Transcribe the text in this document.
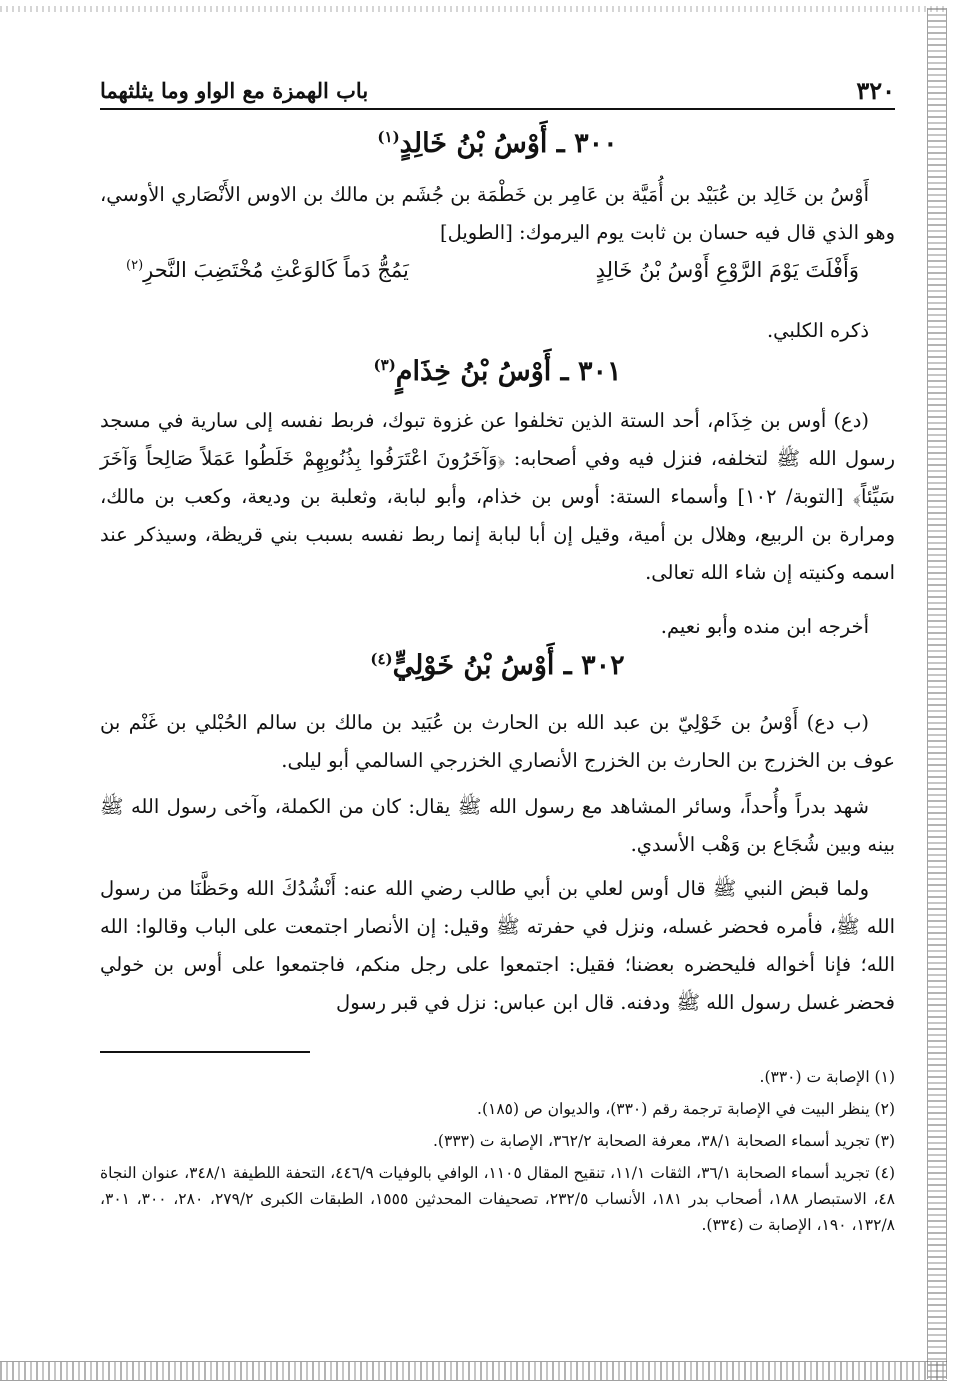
٣٢٠
باب الهمزة مع الواو وما يثلثهما
٣٠٠ ـ أَوْسُ بْنُ خَالِدٍ$^{(١)}$

أَوْسُ بن خَالِد بن عُبَيْد بن أُمَيَّة بن عَامِر بن خَطْمَة بن جُشَم بن مالك بن الاوس الأَنْصَاري الأوسي، وهو الذي قال فيه حسان بن ثابت يوم اليرموك: [الطويل]

وَأَفْلَتَ يَوْمَ الرَّوْعِ أَوْسُ بْنُ خَالِدٍ
يَمُجُّ دَماً كَالوَعْثِ مُخْتَضِبَ النَّحرِ$^{(٢)}$

ذكره الكلبي.

٣٠١ ـ أَوْسُ بْنُ خِذَامٍ$^{(٣)}$

(دع) أوس بن خِذَام، أحد الستة الذين تخلفوا عن غزوة تبوك، فربط نفسه إلى سارية في مسجد رسول الله ﷺ لتخلفه، فنزل فيه وفي أصحابه: ﴿وَآخَرُونَ اعْتَرَفُوا بِذُنُوبِهِمْ خَلَطُوا عَمَلاً صَالِحاً وَآخَرَ سَيِّئاً﴾ [التوبة/ ١٠٢] وأسماء الستة: أوس بن خذام، وأبو لبابة، وثعلبة بن وديعة، وكعب بن مالك، ومرارة بن الربيع، وهلال بن أمية، وقيل إن أبا لبابة إنما ربط نفسه بسبب بني قريظة، وسيذكر عند اسمه وكنيته إن شاء الله تعالى.

أخرجه ابن منده وأبو نعيم.

٣٠٢ ـ أَوْسُ بْنُ خَوْلِيٍّ$^{(٤)}$

(ب دع) أَوْسُ بن خَوْلِيّ بن عبد الله بن الحارث بن عُبَيد بن مالك بن سالم الحُبْلي بن غَنْم بن عوف بن الخزرج بن الحارث بن الخزرج الأنصاري الخزرجي السالمي أبو ليلى.

شهد بدراً وأُحداً، وسائر المشاهد مع رسول الله ﷺ يقال: كان من الكملة، وآخى رسول الله ﷺ بينه وبين شُجَاع بن وَهْب الأسدي.

ولما قبض النبي ﷺ قال أوس لعلي بن أبي طالب رضي الله عنه: أَنْشُدُكَ الله وحَظَّنَا من رسول الله ﷺ، فأمره فحضر غسله، ونزل في حفرته ﷺ وقيل: إن الأنصار اجتمعت على الباب وقالوا: الله الله؛ فإنا أخواله فليحضره بعضنا؛ فقيل: اجتمعوا على رجل منكم، فاجتمعوا على أوس بن خولي فحضر غسل رسول الله ﷺ ودفنه. قال ابن عباس: نزل في قبر رسول

(١) الإصابة ت (٣٣٠).

(٢) ينظر البيت في الإصابة ترجمة رقم (٣٣٠)، والديوان ص (١٨٥).

(٣) تجريد أسماء الصحابة ٣٨/١، معرفة الصحابة ٣٦٢/٢، الإصابة ت (٣٣٣).

(٤) تجريد أسماء الصحابة ٣٦/١، الثقات ١١/١، تنقيح المقال ١١٠٥، الوافي بالوفيات ٤٤٦/٩، التحفة اللطيفة ٣٤٨/١، عنوان النجاة ٤٨، الاستبصار ١٨٨، أصحاب بدر ١٨١، الأنساب ٢٣٢/٥، تصحيفات المحدثين ١٥٥٥، الطبقات الكبرى ٢٧٩/٢، ٢٨٠، ٣٠٠، ٣٠١، ١٣٢/٨، ١٩٠، الإصابة ت (٣٣٤).
